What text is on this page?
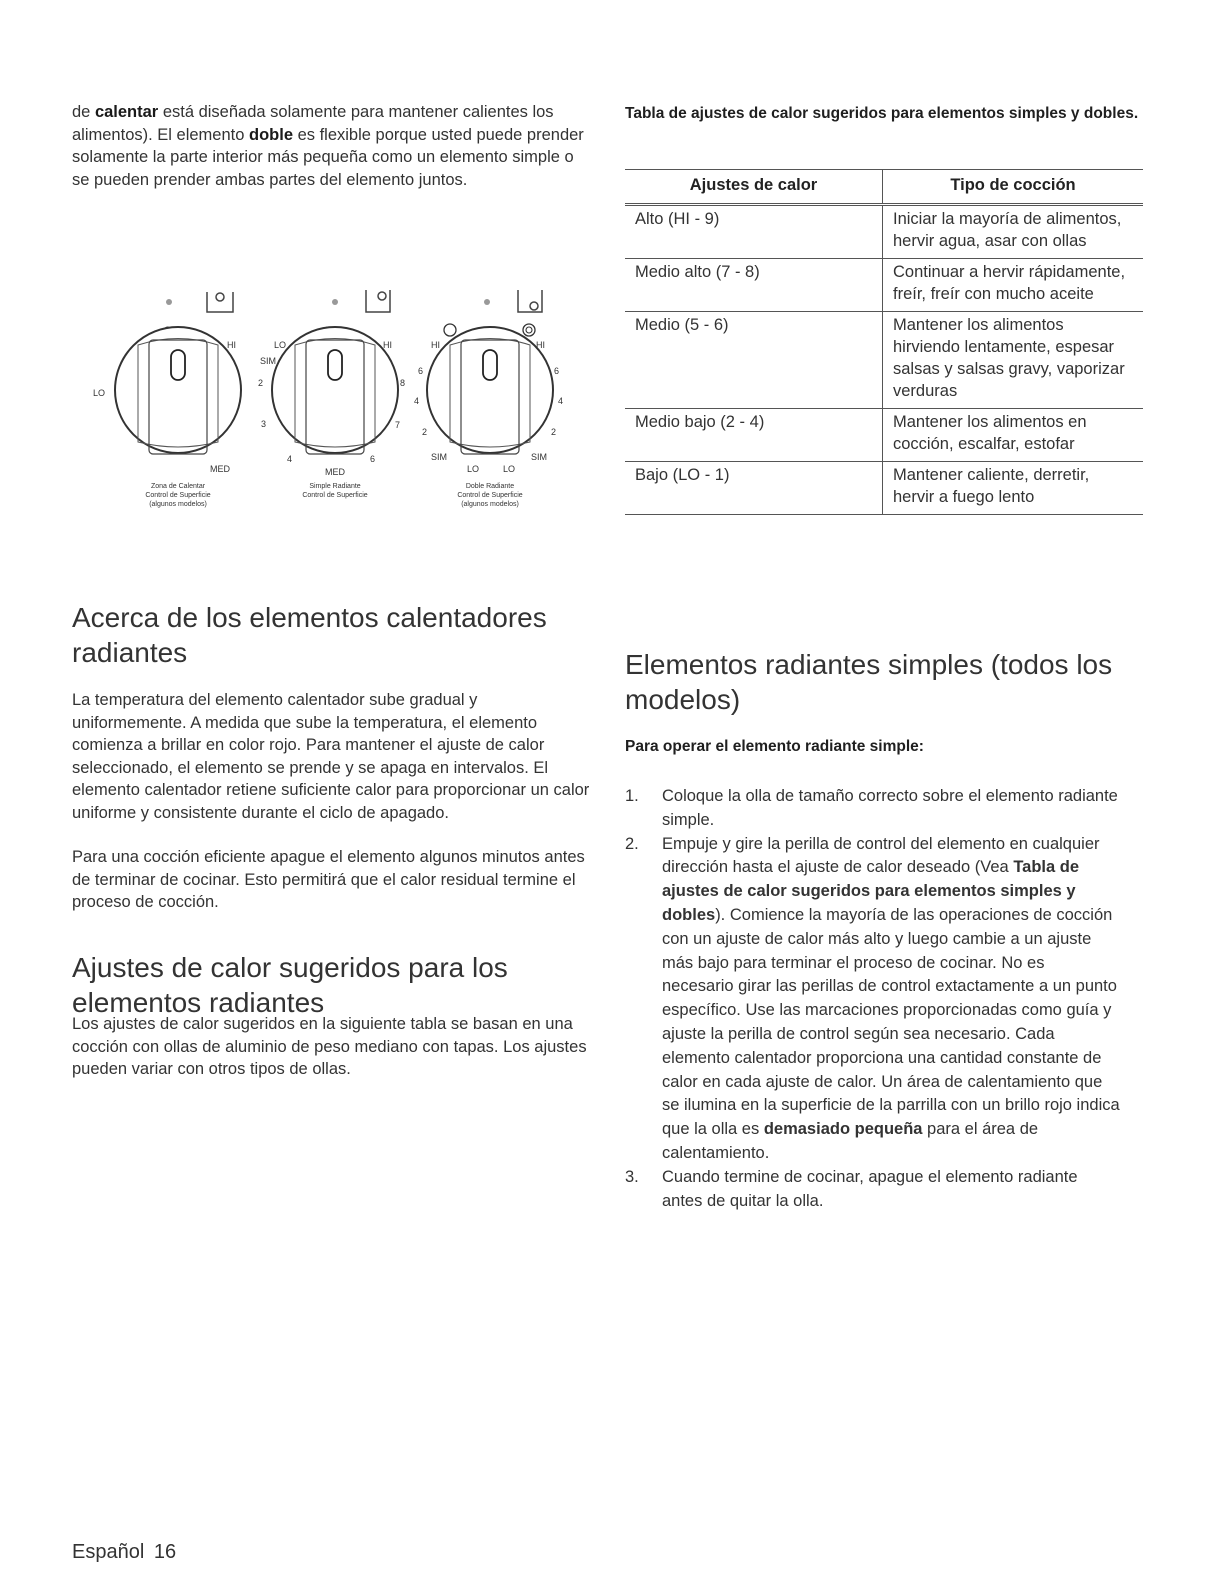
de calentar está diseñada solamente para mantener calientes los alimentos). El elemento doble es flexible porque usted puede prender solamente la parte interior más pequeña como un elemento simple o se pueden prender ambas partes del elemento juntos.
HI
LO
MED
Zona de Calentar
Control de Superficie
(algunos modelos)
LO	HI
SIM
2
3
4	6
7
8
MED
Simple Radiante
Control de Superficie
HI	HI
6
4
2
SIM
LO
6
4
2
SIM
LO
Doble Radiante
Control de Superficie
(algunos modelos)
Acerca de los elementos calentadores radiantes
La temperatura del elemento calentador sube gradual y uniformemente. A medida que sube la temperatura, el elemento comienza a brillar en color rojo. Para mantener el ajuste de calor seleccionado, el elemento se prende y se apaga en intervalos. El elemento calentador retiene suficiente calor para proporcionar un calor uniforme y consistente durante el ciclo de apagado.
Para una cocción eficiente apague el elemento algunos minutos antes de terminar de cocinar. Esto permitirá que el calor residual termine el proceso de cocción.
Ajustes de calor sugeridos para los elementos radiantes
Los ajustes de calor sugeridos en la siguiente tabla se basan en una cocción con ollas de aluminio de peso mediano con tapas. Los ajustes pueden variar con otros tipos de ollas.
Tabla de ajustes de calor sugeridos para elementos simples y dobles.
Ajustes de calor	Tipo de cocción
Alto (HI - 9)	Iniciar la mayoría de alimentos, hervir agua, asar con ollas
Medio alto (7 - 8)	Continuar a hervir rápidamente, freír, freír con mucho aceite
Medio (5 - 6)	Mantener los alimentos hirviendo lentamente, espesar salsas y salsas gravy, vaporizar verduras
Medio bajo (2 - 4)	Mantener los alimentos en cocción, escalfar, estofar
Bajo (LO - 1)	Mantener caliente, derretir, hervir a fuego lento
Elementos radiantes simples (todos los modelos)
Para operar el elemento radiante simple:
1. Coloque la olla de tamaño correcto sobre el elemento radiante simple.
2. Empuje y gire la perilla de control del elemento en cualquier dirección hasta el ajuste de calor deseado (Vea Tabla de ajustes de calor sugeridos para elementos simples y dobles). Comience la mayoría de las operaciones de cocción con un ajuste de calor más alto y luego cambie a un ajuste más bajo para terminar el proceso de cocinar. No es necesario girar las perillas de control extactamente a un punto específico. Use las marcaciones proporcionadas como guía y ajuste la perilla de control según sea necesario. Cada elemento calentador proporciona una cantidad constante de calor en cada ajuste de calor. Un área de calentamiento que se ilumina en la superficie de la parrilla con un brillo rojo indica que la olla es demasiado pequeña para el área de calentamiento.
3. Cuando termine de cocinar, apague el elemento radiante antes de quitar la olla.
Español 16
